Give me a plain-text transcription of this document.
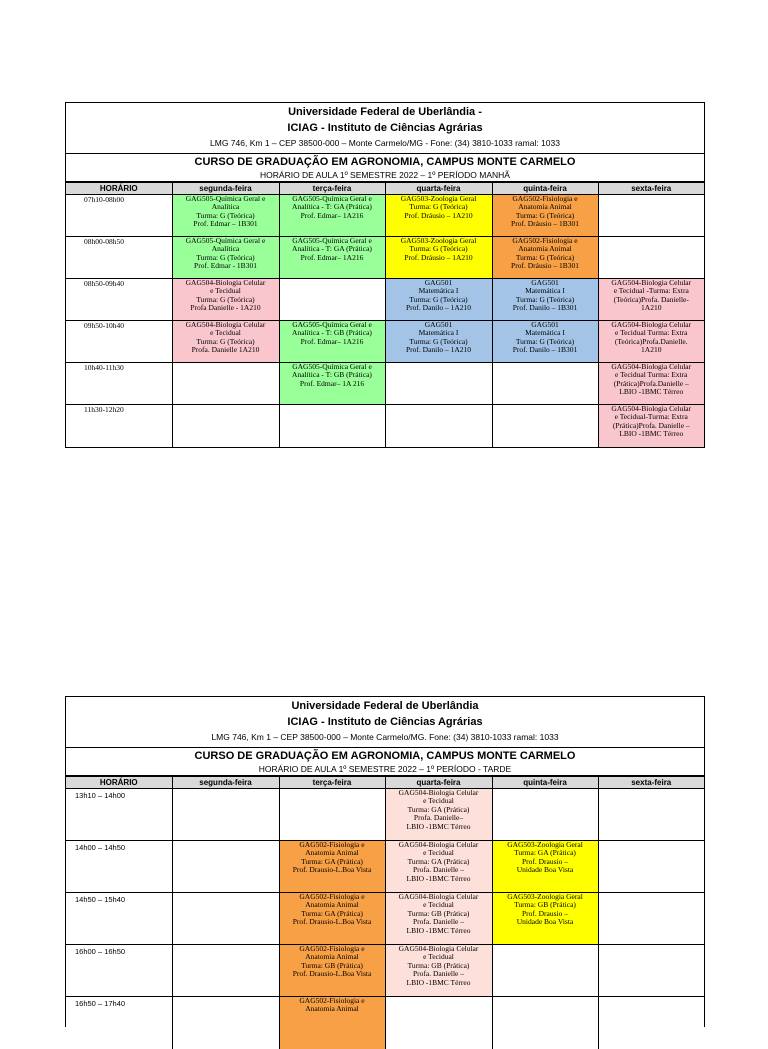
Universidade Federal de Uberlândia -
ICIAG - Instituto de Ciências Agrárias
LMG 746, Km 1 – CEP 38500-000 – Monte Carmelo/MG - Fone: (34) 3810-1033 ramal: 1033
CURSO DE GRADUAÇÃO EM AGRONOMIA, CAMPUS MONTE CARMELO
HORÁRIO DE AULA 1º SEMESTRE 2022 – 1º PERÍODO MANHÃ
HORÁRIO	segunda-feira	terça-feira	quarta-feira	quinta-feira	sexta-feira
07h10-08h00	GAG505-Química Geral e
Analítica
Turma: G (Teórica)
Prof. Edmar – 1B301	GAG505-Química Geral e
Analítica - T: GA (Prática)
Prof. Edmar– 1A216	GAG503-Zoologia Geral
Turma: G (Teórica)
Prof. Dráusio – 1A210	GAG502-Fisiologia e
Anatomia Animal
Turma: G (Teórica)
Prof. Dráusio – 1B301	

08h00-08h50	GAG505-Química Geral e
Analítica
Turma: G (Teórica)
Prof. Edmar - 1B301	GAG505-Química Geral e
Analítica - T: GA (Prática)
Prof. Edmar– 1A216	GAG503-Zoologia Geral
Turma: G (Teórica)
Prof. Dráusio – 1A210	GAG502-Fisiologia e
Anatomia Animal
Turma: G (Teórica)
Prof. Dráusio – 1B301	

08h50-09h40	GAG504-Biologia Celular
e Tecidual
Turma: G (Teórica)
Profa Danielle - 1A210		GAG501
Matemática I
Turma: G (Teórica)
Prof. Danilo – 1A210	GAG501
Matemática I
Turma: G (Teórica)
Prof. Danilo – 1B301	GAG504-Biologia Celular
e Tecidual -Turma: Extra
(Teórica)Profa. Danielle-
1A210

09h50-10h40	GAG504-Biologia Celular
e Tecidual
Turma: G (Teórica)
Profa. Danielle 1A210	GAG505-Química Geral e
Analítica - T: GB (Prática)
Prof. Edmar– 1A216	GAG501
Matemática I
Turma: G (Teórica)
Prof. Danilo – 1A210	GAG501
Matemática I
Turma: G (Teórica)
Prof. Danilo – 1B301	GAG504-Biologia Celular
e Tecidual Turma: Extra
(Teórica)Profa.Danielle.
1A210

10h40-11h30		GAG505-Química Geral e
Analítica - T: GB (Prática)
Prof. Edmar– 1A 216			GAG504-Biologia Celular
e Tecidual Turma: Extra
(Prática)Profa.Danielle –
LBIO -1BMC Térreo

11h30-12h20					GAG504-Biologia Celular
e Tecidual-Turma: Extra
(Prática)Profa. Danielle –
LBIO -1BMC Térreo
Universidade Federal de Uberlândia
ICIAG - Instituto de Ciências Agrárias
LMG 746, Km 1 – CEP 38500-000 – Monte Carmelo/MG. Fone: (34) 3810-1033 ramal: 1033
CURSO DE GRADUAÇÃO EM AGRONOMIA, CAMPUS MONTE CARMELO
HORÁRIO DE AULA 1º SEMESTRE 2022 – 1º PERÍODO - TARDE
HORÁRIO	segunda-feira	terça-feira	quarta-feira	quinta-feira	sexta-feira
13h10 – 14h00			GAG504-Biologia Celular
e Tecidual
Turma: GA (Prática)
Profa. Danielle–
LBIO -1BMC Térreo		

14h00 – 14h50		GAG502-Fisiologia e
Anatomia Animal
Turma: GA (Prática)
Prof. Drausio-L.Boa Vista	GAG504-Biologia Celular
e Tecidual
Turma: GA (Prática)
Profa. Danielle –
LBIO -1BMC Térreo	GAG503-Zoologia Geral
Turma: GA (Prática)
Prof. Drausio –
Unidade Boa Vista	

14h50 – 15h40		GAG502-Fisiologia e
Anatomia Animal
Turma: GA (Prática)
Prof. Drausio-L.Boa Vista	GAG504-Biologia Celular
e Tecidual
Turma: GB (Prática)
Profa. Danielle –
LBIO -1BMC Térreo	GAG503-Zoologia Geral
Turma: GB (Prática)
Prof. Drausio –
Unidade Boa Vista	

16h00 – 16h50		GAG502-Fisiologia e
Anatomia Animal
Turma: GB (Prática)
Prof. Drausio-L.Boa Vista	GAG504-Biologia Celular
e Tecidual
Turma: GB (Prática)
Profa. Danielle –
LBIO -1BMC Térreo		

16h50 – 17h40		GAG502-Fisiologia e
Anatomia Animal			
